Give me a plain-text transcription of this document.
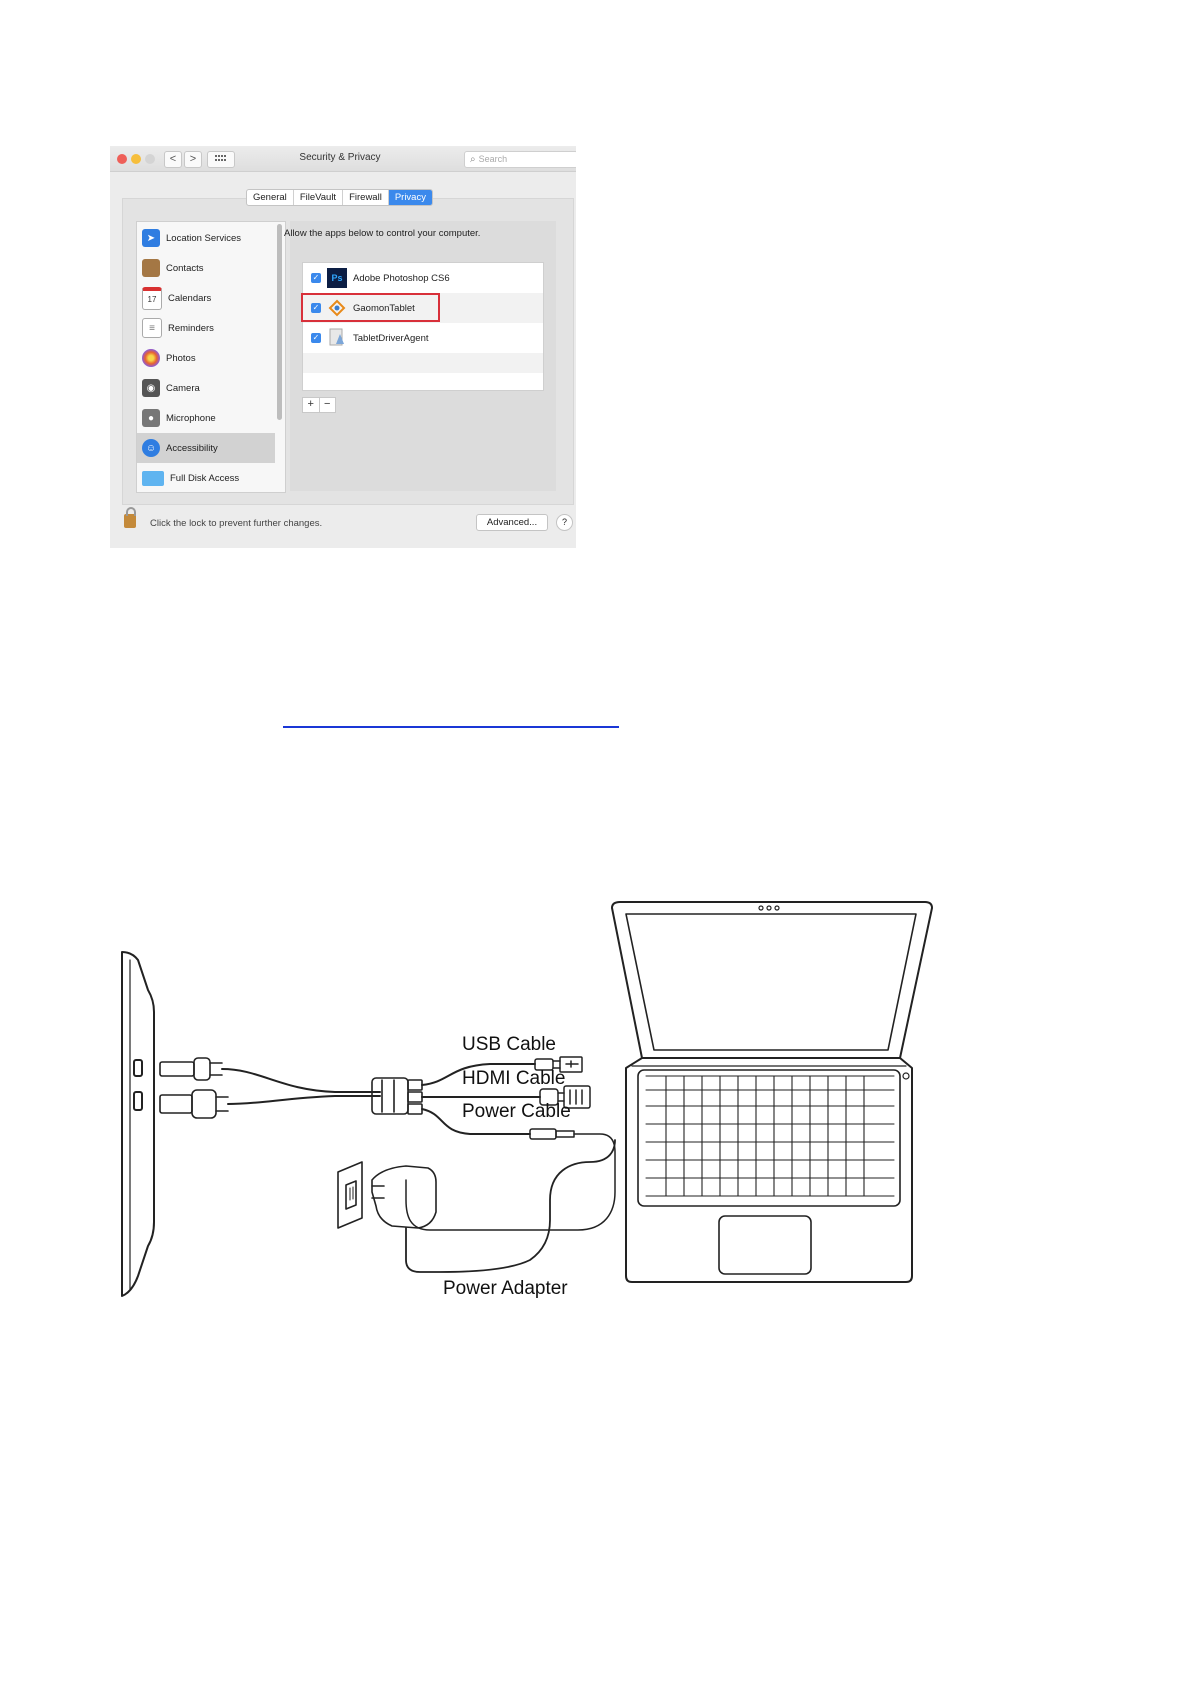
<	>	Security & Privacy	⌕ Search
General	FileVault	Firewall	Privacy
➤	Location Services
Contacts
17 Calendars
≡	Reminders
Photos
◉	Camera
●	Microphone
☺	Accessibility
Full Disk Access
Allow the apps below to control your computer.
✓ Ps Adobe Photoshop CS6
✓	GaomonTablet
✓	TabletDriverAgent
+ −
Click the lock to prevent further changes.	Advanced...	?
USB Cable
HDMI Cable
Power Cable
Power Adapter
